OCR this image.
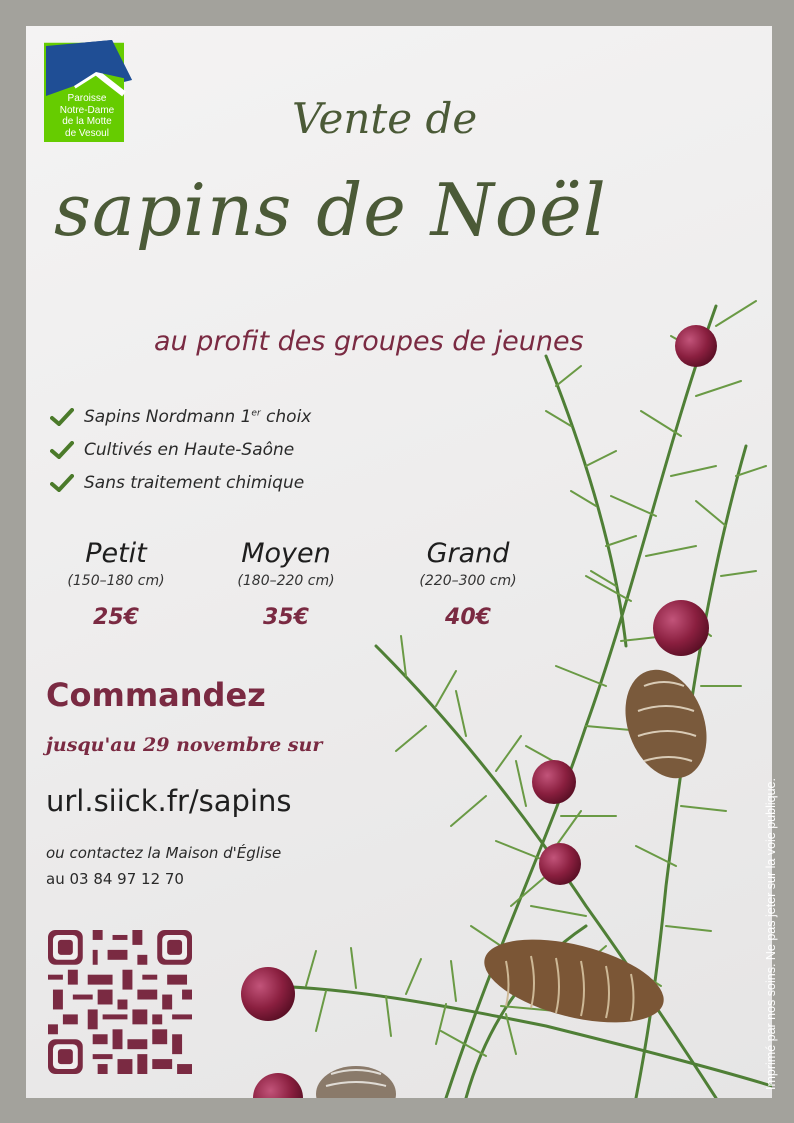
Paroisse
Notre-Dame
de la Motte
de Vesoul	Vente de
sapins de Noël
au profit des groupes de jeunes
Sapins Nordmann 1er choix
Cultivés en Haute-Saône
Sans traitement chimique
Petit
(150–180 cm)
25€
Moyen
(180–220 cm)
35€
Grand
(220–300 cm)
40€
Commandez
jusqu'au 29 novembre sur
url.siick.fr/sapins
ou contactez la Maison d'Église
au 03 84 97 12 70	Imprimé par nos soins. Ne pas jeter sur la voie publique.
